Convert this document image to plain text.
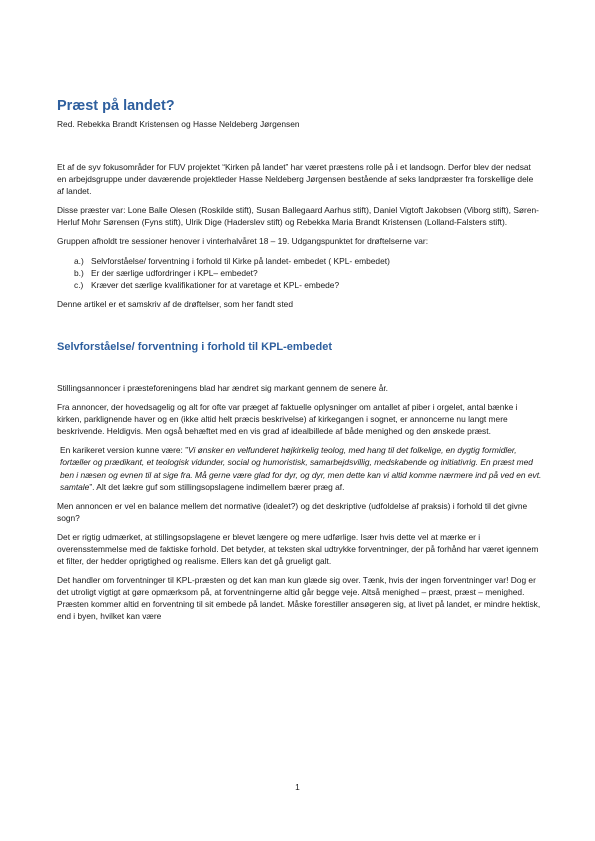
Præst på landet?
Red. Rebekka Brandt Kristensen og Hasse Neldeberg Jørgensen

Et af de syv fokusområder for FUV projektet “Kirken på landet” har været præstens rolle på i et landsogn. Derfor blev der nedsat en arbejdsgruppe under daværende projektleder Hasse Neldeberg Jørgensen bestående af seks landpræster fra forskellige dele af landet.

Disse præster var: Lone Balle Olesen (Roskilde stift), Susan Ballegaard Aarhus stift), Daniel Vigtoft Jakobsen (Viborg stift), Søren- Herluf Mohr Sørensen (Fyns stift), Ulrik Dige (Haderslev stift) og Rebekka Maria Brandt Kristensen (Lolland-Falsters stift).

Gruppen afholdt tre sessioner henover i vinterhalvåret 18 – 19. Udgangspunktet for drøftelserne var:

a.) Selvforståelse/ forventning i forhold til Kirke på landet- embedet ( KPL- embedet)
b.) Er der særlige udfordringer i KPL– embedet?
c.) Kræver det særlige kvalifikationer for at varetage et KPL- embede?

Denne artikel er et samskriv af de drøftelser, som her fandt sted

Selvforståelse/ forventning i forhold til KPL-embedet

Stillingsannoncer i præsteforeningens blad har ændret sig markant gennem de senere år.

Fra annoncer, der hovedsagelig og alt for ofte var præget af faktuelle oplysninger om antallet af piber i orgelet, antal bænke i kirken, parklignende haver og en (ikke altid helt præcis beskrivelse) af kirkegangen i sognet, er annoncerne nu langt mere beskrivende. Heldigvis. Men også behæftet med en vis grad af idealbillede af både menighed og den ønskede præst.

En karikeret version kunne være: ”Vi ønsker en velfunderet højkirkelig teolog, med hang til det folkelige, en dygtig formidler, fortæller og prædikant, et teologisk vidunder, social og humoristisk, samarbejdsvillig, medskabende og initiativrig. En præst med ben i næsen og evnen til at sige fra. Må gerne være glad for dyr, og dyr, men dette kan vi altid komme nærmere ind på ved en evt. samtale”. Alt det lækre guf som stillingsopslagene indimellem bærer præg af.

Men annoncen er vel en balance mellem det normative (idealet?) og det deskriptive (udfoldelse af praksis) i forhold til det givne sogn?

Det er rigtig udmærket, at stillingsopslagene er blevet længere og mere udførlige. Især hvis dette vel at mærke er i overensstemmelse med de faktiske forhold. Det betyder, at teksten skal udtrykke forventninger, der på forhånd har været igennem et filter, der hedder oprigtighed og realisme. Ellers kan det gå grueligt galt.

Det handler om forventninger til KPL-præsten og det kan man kun glæde sig over. Tænk, hvis der ingen forventninger var! Dog er det utroligt vigtigt at gøre opmærksom på, at forventningerne altid går begge veje. Altså menighed – præst, præst – menighed. Præsten kommer altid en forventning til sit embede på landet. Måske forestiller ansøgeren sig, at livet på landet, er mindre hektisk, end i byen, hvilket kan være

1
